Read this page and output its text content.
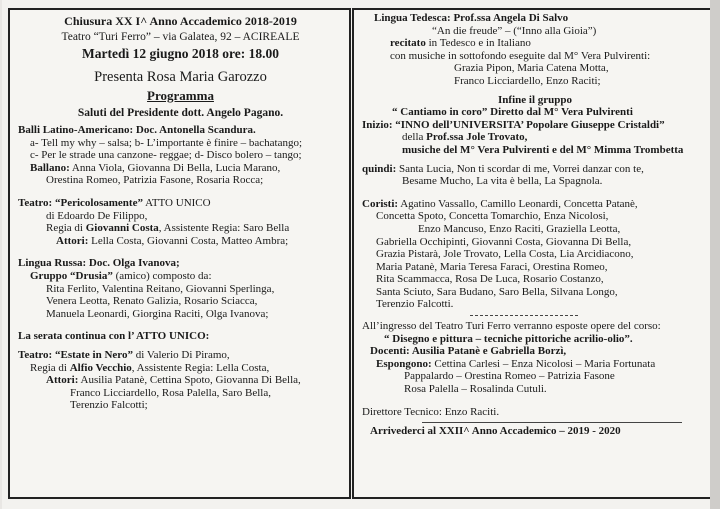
Chiusura XX I^ Anno Accademico 2018-2019
Teatro “Turi Ferro” – via Galatea, 92 – ACIREALE
Martedì 12 giugno 2018 ore: 18.00
Presenta Rosa Maria Garozzo
Programma
Saluti del Presidente dott. Angelo Pagano.
Balli Latino-Americano: Doc. Antonella Scandura.
a- Tell my why – salsa; b- L’importante è finire – bachatango;
c- Per le strade una canzone- reggae; d- Disco bolero – tango;
Ballano: Anna Viola, Giovanna Di Bella, Lucia Marano,
Orestina Romeo, Patrizia Fasone, Rosaria Rocca;
Teatro: “Pericolosamente” ATTO UNICO
di Edoardo De Filippo,
Regia di Giovanni Costa, Assistente Regia: Saro Bella
Attori: Lella Costa, Giovanni Costa, Matteo Ambra;
Lingua Russa: Doc. Olga Ivanova;
Gruppo “Drusia” (amico) composto da:
Rita Ferlito, Valentina Reitano, Giovanni Sperlinga,
Venera Leotta, Renato Galizia, Rosario Sciacca,
Manuela Leonardi, Giorgina Raciti, Olga Ivanova;
La serata continua con l’ ATTO UNICO:
Teatro: “Estate in Nero” di Valerio Di Piramo,
Regia di Alfio Vecchio, Assistente Regia: Lella Costa,
Attori: Ausilia Patanè, Cettina Spoto, Giovanna Di Bella,
Franco Licciardello, Rosa Palella, Saro Bella,
Terenzio Falcotti;
Lingua Tedesca: Prof.ssa Angela Di Salvo
“An die freude” – (“Inno alla Gioia”)
recitato in Tedesco e in Italiano
con musiche in sottofondo eseguite dal M° Vera Pulvirenti:
Grazia Pipon, Maria Catena Motta,
Franco Licciardello, Enzo Raciti;
Infine il gruppo
“ Cantiamo in coro” Diretto dal M° Vera Pulvirenti
Inizio: “INNO dell’UNIVERSITA’ Popolare Giuseppe Cristaldi”
della Prof.ssa Jole Trovato,
musiche del M° Vera Pulvirenti e del M° Mimma Trombetta
quindi: Santa Lucia, Non ti scordar di me, Vorrei danzar con te,
Besame Mucho, La vita è bella, La Spagnola.
Coristi: Agatino Vassallo, Camillo Leonardi, Concetta Patanè,
Concetta Spoto, Concetta Tomarchio, Enza Nicolosi,
Enzo Mancuso, Enzo Raciti, Graziella Leotta,
Gabriella Occhipinti, Giovanni Costa, Giovanna Di Bella,
Grazia Pistarà, Jole Trovato, Lella Costa, Lia Arcidiacono,
Maria Patanè, Maria Teresa Faraci, Orestina Romeo,
Rita Scammacca, Rosa De Luca, Rosario Costanzo,
Santa Sciuto, Sara Budano, Saro Bella, Silvana Longo,
Terenzio Falcotti.
All’ingresso del Teatro Turi Ferro verranno esposte opere del corso:
“ Disegno e pittura – tecniche pittoriche acrilio-olio”.
Docenti: Ausilia Patanè e Gabriella Borzì,
Espongono: Cettina Carlesi – Enza Nicolosi – Maria Fortunata
Pappalardo – Orestina Romeo – Patrizia Fasone
Rosa Palella – Rosalinda Cutuli.
Direttore Tecnico: Enzo Raciti.
Arrivederci al XXII^ Anno Accademico – 2019 - 2020
